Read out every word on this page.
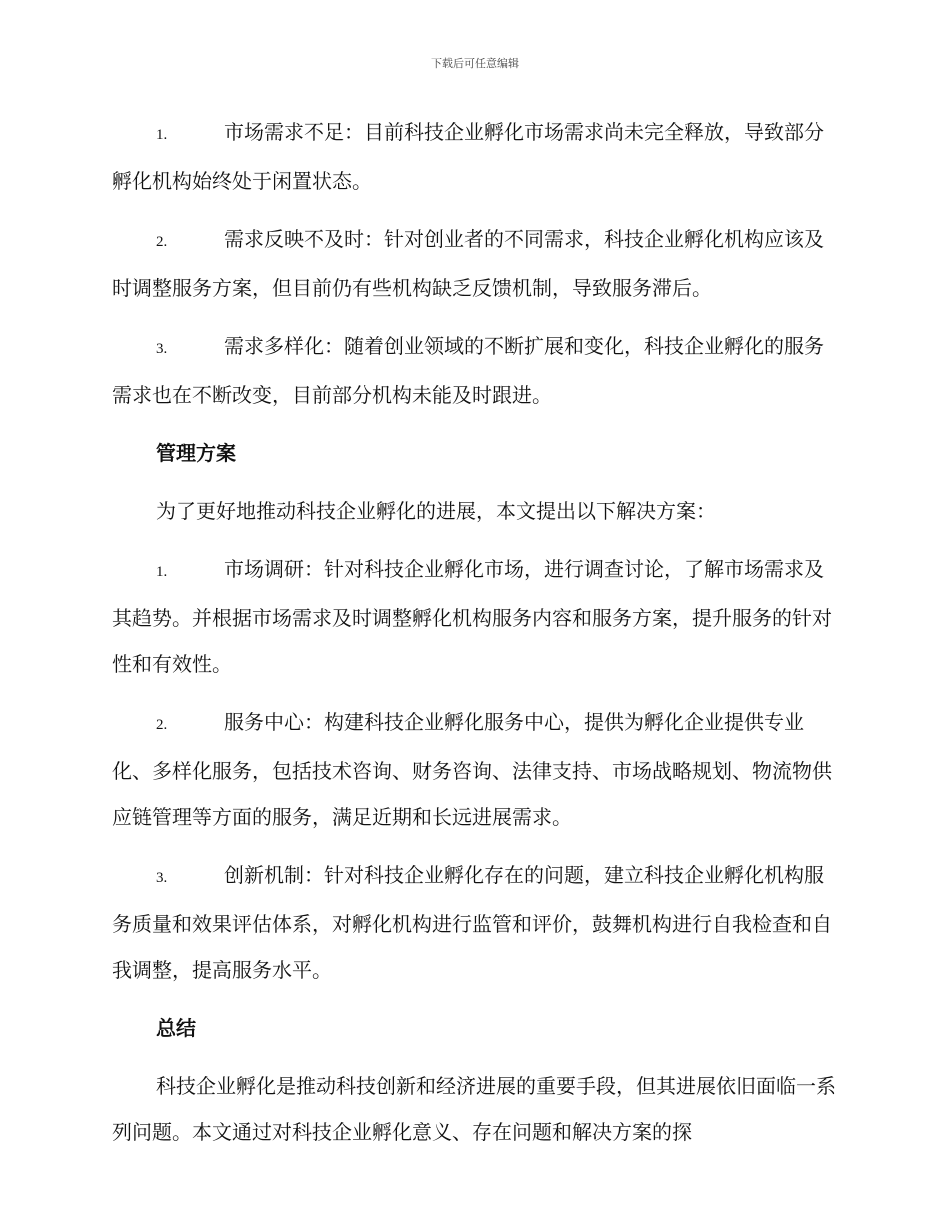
下载后可任意编辑
1.	市场需求不足：目前科技企业孵化市场需求尚未完全释放，导致部分孵化机构始终处于闲置状态。
2.	需求反映不及时：针对创业者的不同需求，科技企业孵化机构应该及时调整服务方案，但目前仍有些机构缺乏反馈机制，导致服务滞后。
3.	需求多样化：随着创业领域的不断扩展和变化，科技企业孵化的服务需求也在不断改变，目前部分机构未能及时跟进。
管理方案
为了更好地推动科技企业孵化的进展，本文提出以下解决方案：
1.	市场调研：针对科技企业孵化市场，进行调查讨论，了解市场需求及其趋势。并根据市场需求及时调整孵化机构服务内容和服务方案，提升服务的针对性和有效性。
2.	服务中心：构建科技企业孵化服务中心，提供为孵化企业提供专业化、多样化服务，包括技术咨询、财务咨询、法律支持、市场战略规划、物流物供应链管理等方面的服务，满足近期和长远进展需求。
3.	创新机制：针对科技企业孵化存在的问题，建立科技企业孵化机构服务质量和效果评估体系，对孵化机构进行监管和评价，鼓舞机构进行自我检查和自我调整，提高服务水平。
总结
科技企业孵化是推动科技创新和经济进展的重要手段，但其进展依旧面临一系列问题。本文通过对科技企业孵化意义、存在问题和解决方案的探
